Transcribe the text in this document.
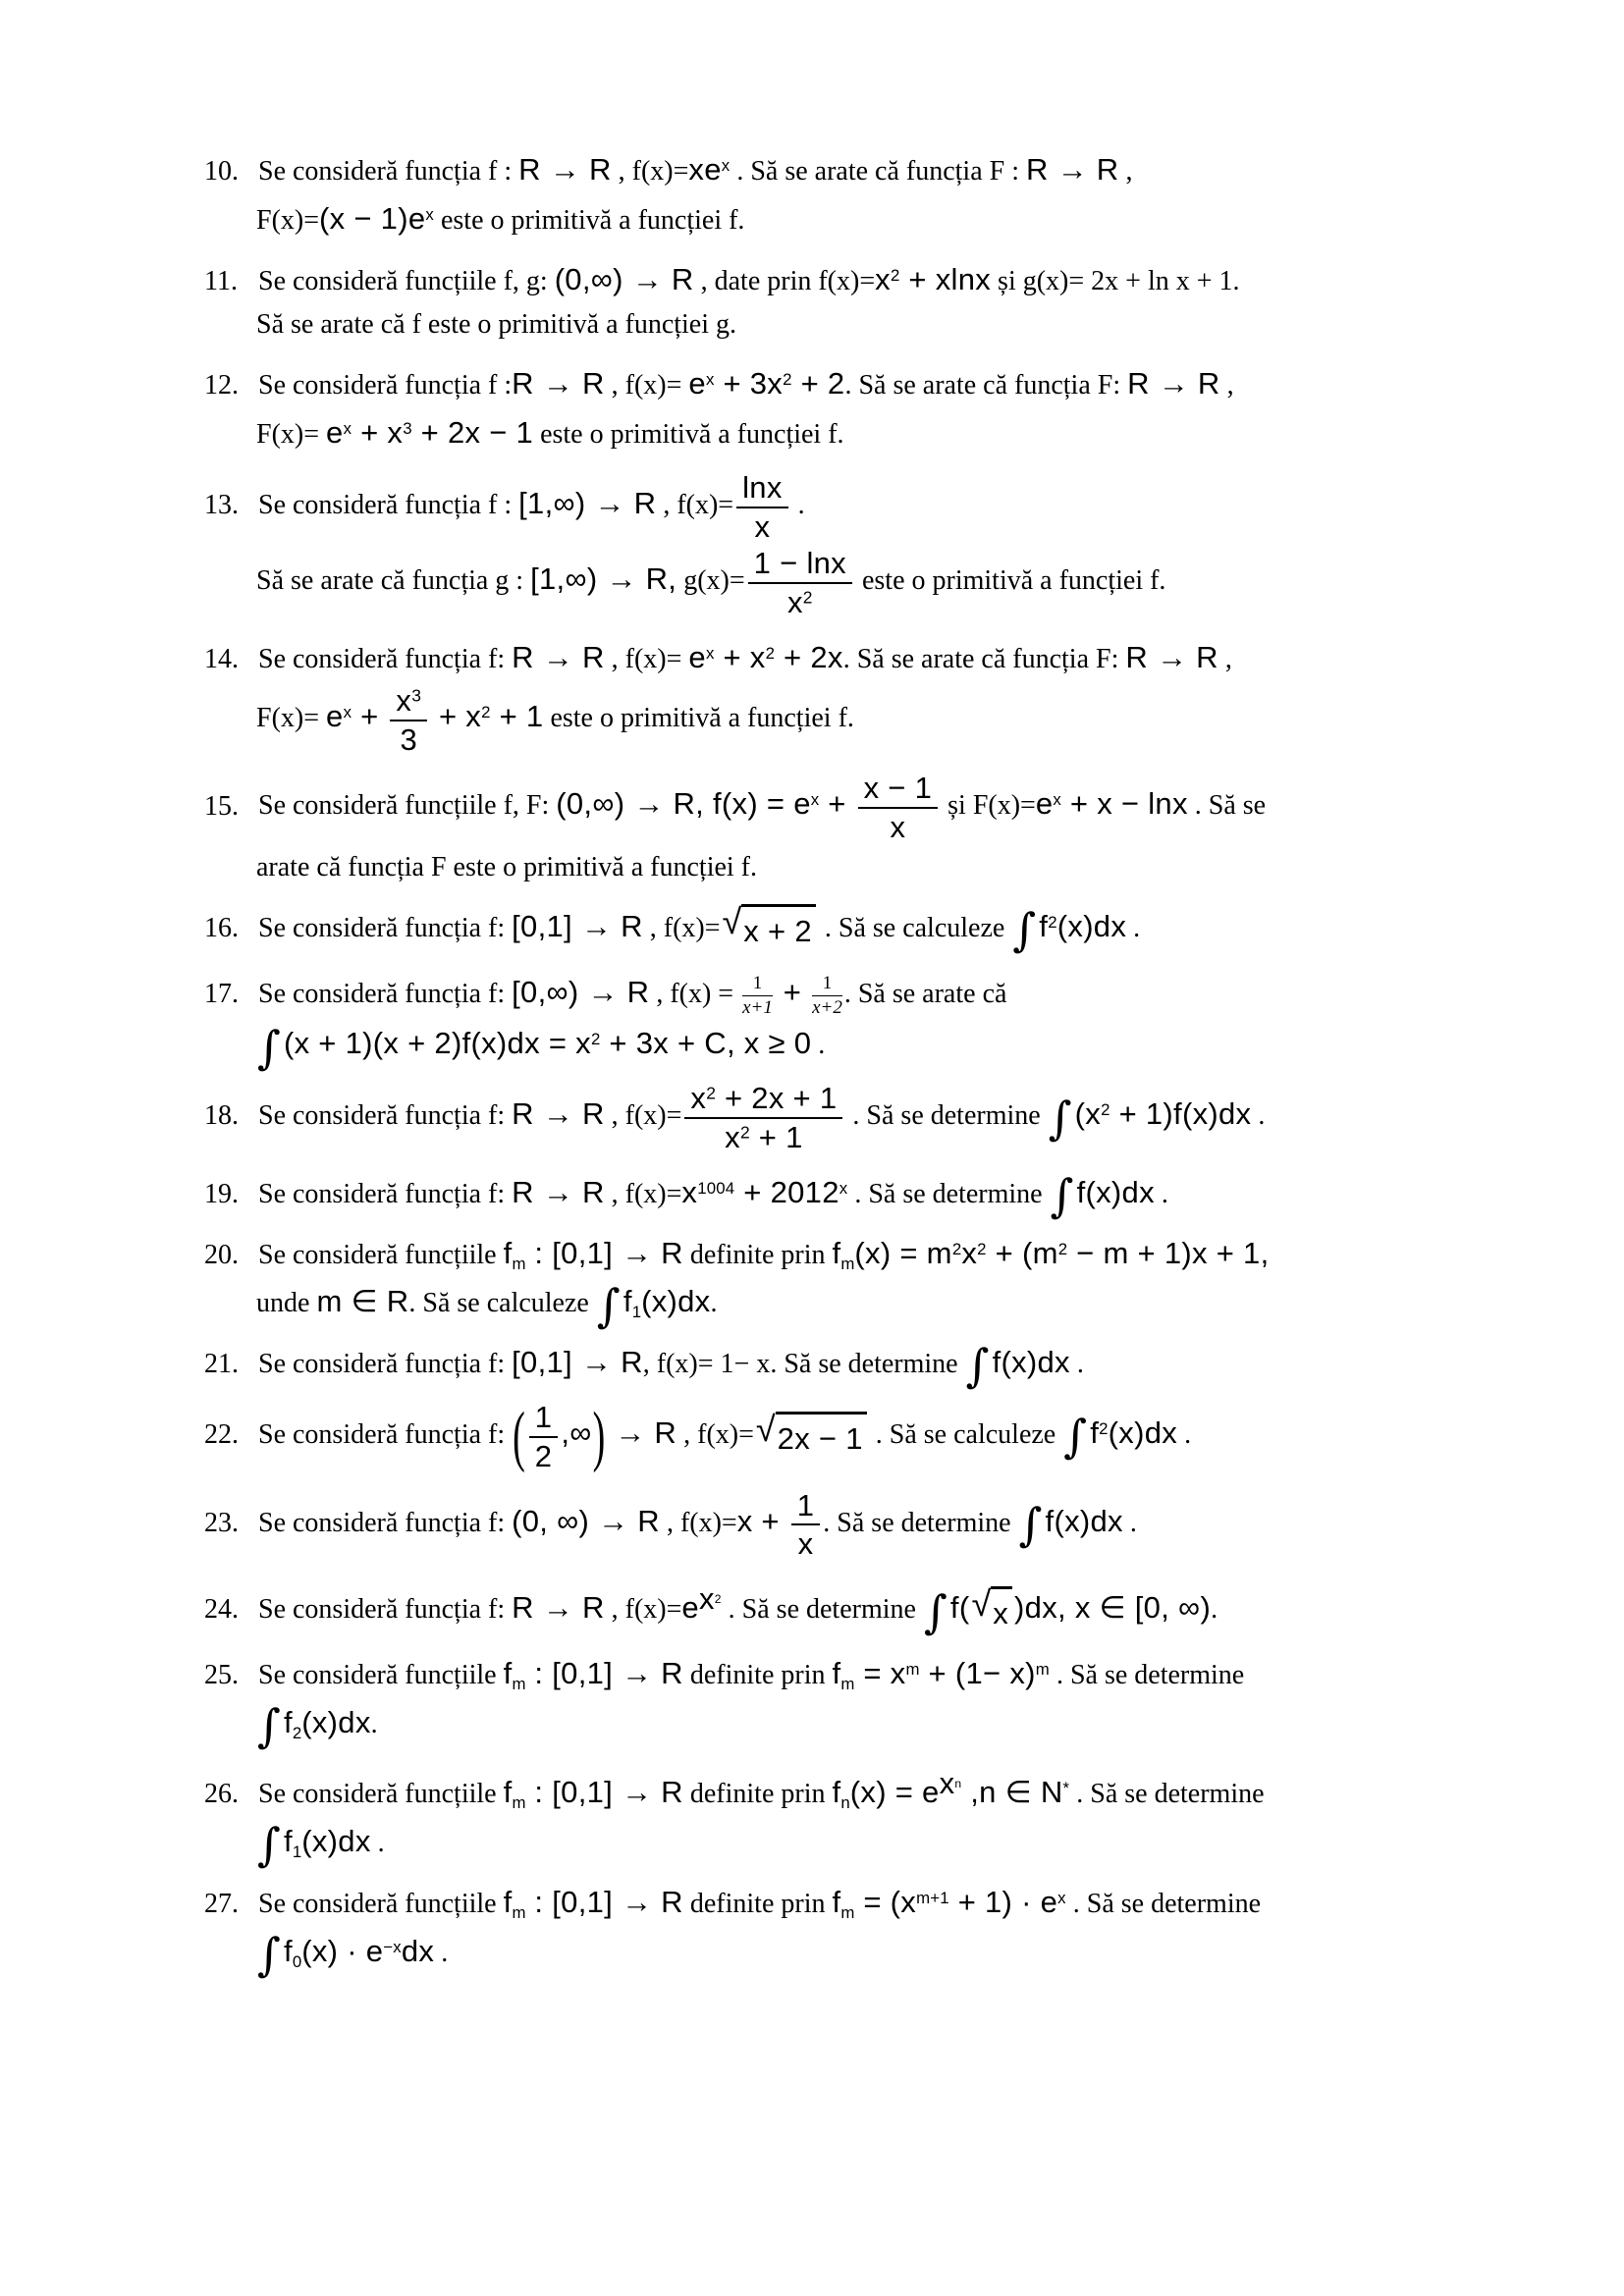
10. Se consideră funcția f : R → R , $f(x)=xe^x$ . Să se arate că funcția F : R → R ,
$F(x)=(x - 1)e^x$ este o primitivă a funcției f.
11. Se consideră funcțiile f, g: (0,∞) → R , date prin $f(x)=x^2 + xlnx$ și g(x)= 2x + ln x + 1.
Să se arate că f este o primitivă a funcției g.
12. Se consideră funcția f :R → R , $f(x)= e^x + 3x^2 + 2$. Să se arate că funcția F: R → R ,
$F(x)= e^x + x^3 + 2x - 1$ este o primitivă a funcției f.
13. Se consideră funcția f : [1,∞) → R , $f(x)= \frac{\ln x}{x}$ .
Să se arate că funcția g : [1,∞) → R, $g(x)= \frac{1 - \ln x}{x^2}$ este o primitivă a funcției f.
14. Se consideră funcția f: R → R , $f(x)= e^x + x^2 + 2x$. Să se arate că funcția F: R → R ,
$F(x)= e^x + \frac{x^3}{3} + x^2 + 1$ este o primitivă a funcției f.
15. Se consideră funcțiile f, F: (0,∞) → R, $f(x) = e^x + \frac{x - 1}{x}$ și $F(x)=e^x + x - \ln x$ . Să se
arate că funcția F este o primitivă a funcției f.
16. Se consideră funcția f: [0,1] → R , f(x)= √ x + 2 . Să se calculeze $\int f^2(x)dx$ .
17. Se consideră funcția f: [0,∞) → R , $f(x) = \frac{1}{x+1} + \frac{1}{x+2}$ . Să se arate că
$\int(x + 1)(x + 2)f(x)dx = x^2 + 3x + C$, x ≥ 0 .
18. Se consideră funcția f: R → R , $f(x)= \frac{x^2 + 2x + 1}{x^2 + 1}$ . Să se determine $\int(x^2 + 1)f(x)dx$ .
19. Se consideră funcția f: R → R , $f(x)=x^{1004} + 2012^x$ . Să se determine ∫f(x)dx .
20. Se consideră funcțiile $f_m$ : [0,1] → R definite prin $f_m(x) = m^2x^2 + (m^2 - m + 1)x + 1$,
unde m ∈ R. Să se calculeze $\int f_1(x)dx$.
21. Se consideră funcția f: [0,1] → R, f(x)= 1− x. Să se determine ∫f(x)dx .
22. Se consideră funcția f: ( $\frac{1}{2}$ ,∞) → R , f(x)= √ 2x − 1 . Să se calculeze $\int f^2(x)dx$ .
23. Se consideră funcția f: (0, ∞) → R , $f(x)=x + \frac{1}{x}$ . Să se determine ∫f(x)dx .
24. Se consideră funcția f: R → R , $f(x)=e^{x^2}$ . Să se determine ∫f( √ x )dx, x ∈ [0, ∞).
25. Se consideră funcțiile $f_m$ : [0,1] → R definite prin $f_m = x^m + (1- x)^m$ . Să se determine
$\int f_2(x)dx$.
26. Se consideră funcțiile $f_m$ : [0,1] → R definite prin $f_n(x) = e^{x^n}$ ,n ∈ N* . Să se determine
$\int f_1(x)dx$ .
27. Se consideră funcțiile $f_m$ : [0,1] → R definite prin $f_m = (x^{m+1} + 1) \cdot e^x$ . Să se determine
$\int f_0(x) \cdot e^{-x}dx$ .
